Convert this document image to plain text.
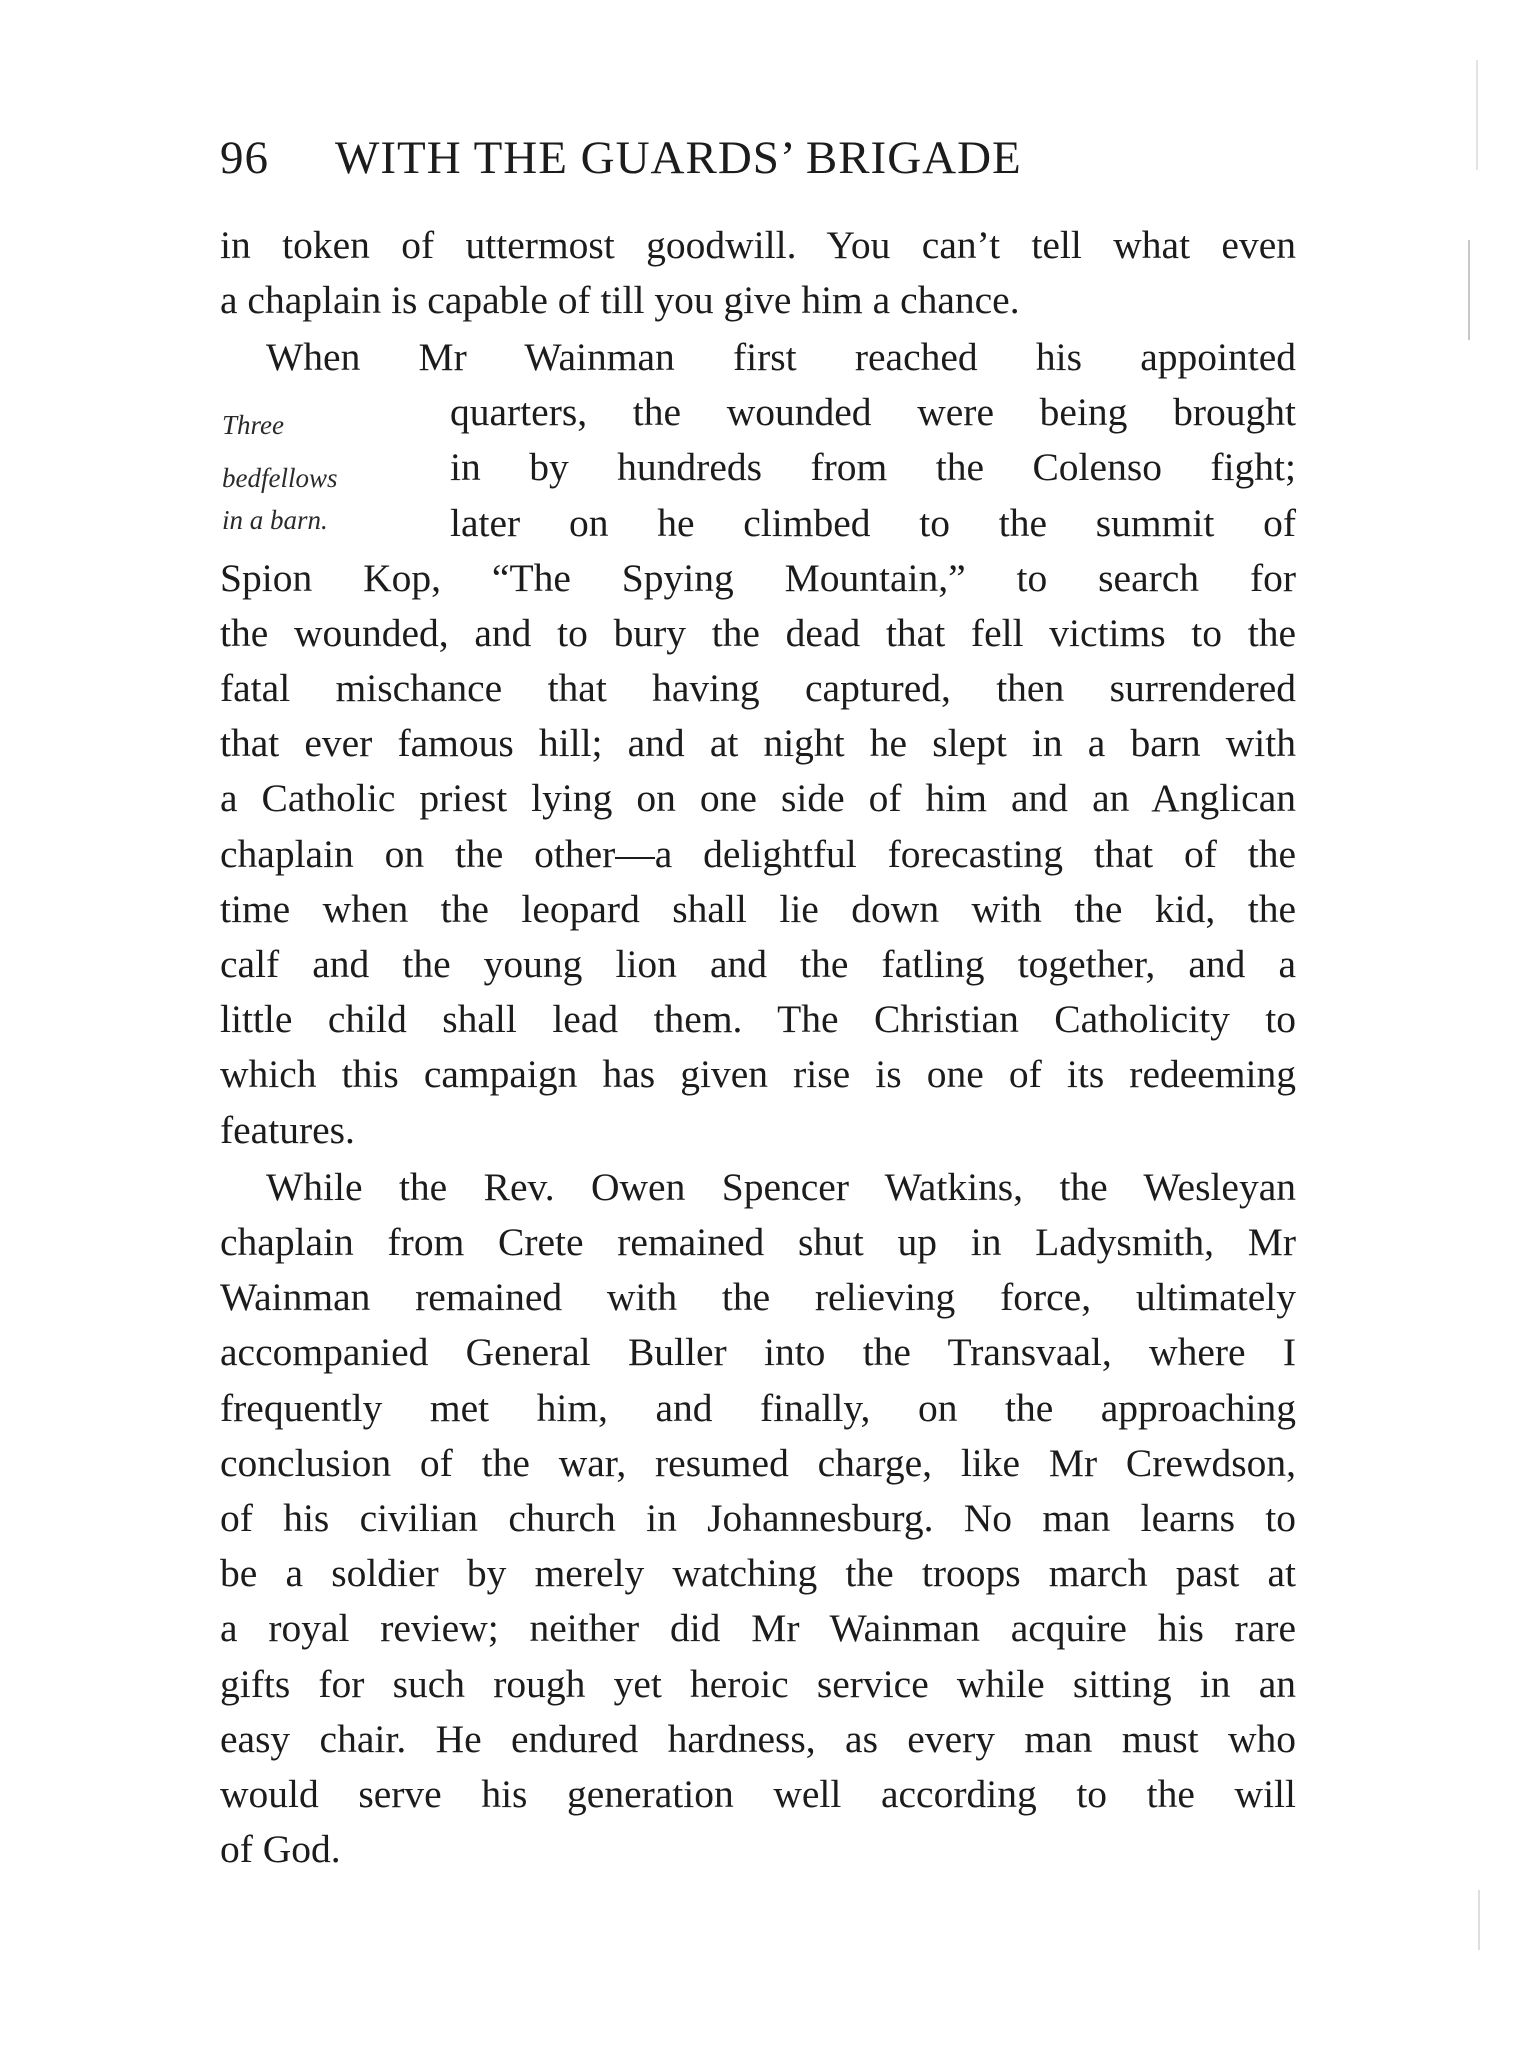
96 WITH THE GUARDS’ BRIGADE
Three
bedfellows
in a barn.
in token of uttermost goodwill. You can’t tell what even
a chaplain is capable of till you give him a chance.
When Mr Wainman first reached his appointed
quarters, the wounded were being brought
in by hundreds from the Colenso fight;
later on he climbed to the summit of
Spion Kop, “The Spying Mountain,” to search for
the wounded, and to bury the dead that fell victims to the
fatal mischance that having captured, then surrendered
that ever famous hill; and at night he slept in a barn with
a Catholic priest lying on one side of him and an Anglican
chaplain on the other—a delightful forecasting that of the
time when the leopard shall lie down with the kid, the
calf and the young lion and the fatling together, and a
little child shall lead them. The Christian Catholicity to
which this campaign has given rise is one of its redeeming
features.
While the Rev. Owen Spencer Watkins, the Wesleyan
chaplain from Crete remained shut up in Ladysmith, Mr
Wainman remained with the relieving force, ultimately
accompanied General Buller into the Transvaal, where I
frequently met him, and finally, on the approaching
conclusion of the war, resumed charge, like Mr Crewdson,
of his civilian church in Johannesburg. No man learns to
be a soldier by merely watching the troops march past at
a royal review; neither did Mr Wainman acquire his rare
gifts for such rough yet heroic service while sitting in an
easy chair. He endured hardness, as every man must who
would serve his generation well according to the will
of God.
